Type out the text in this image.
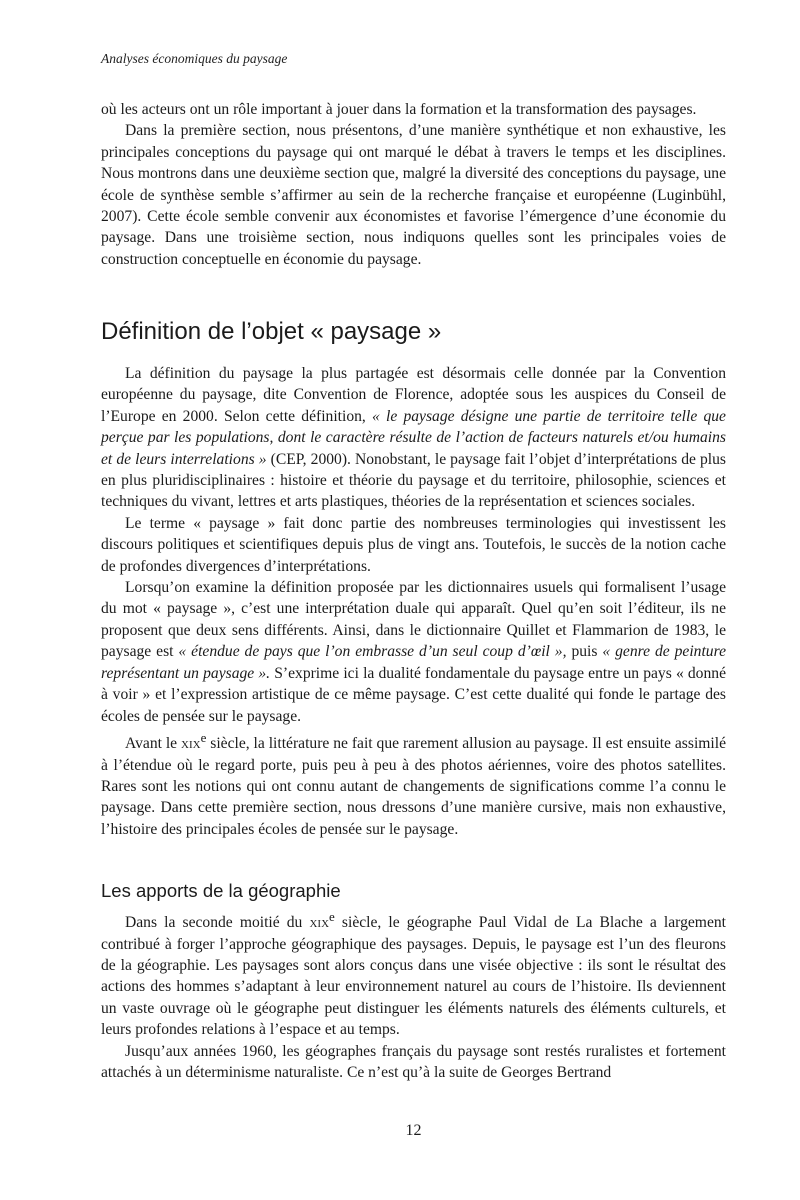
Analyses économiques du paysage

où les acteurs ont un rôle important à jouer dans la formation et la transformation des paysages.

Dans la première section, nous présentons, d’une manière synthétique et non exhaustive, les principales conceptions du paysage qui ont marqué le débat à travers le temps et les disciplines. Nous montrons dans une deuxième section que, malgré la diversité des conceptions du paysage, une école de synthèse semble s’affirmer au sein de la recherche française et européenne (Luginbühl, 2007). Cette école semble convenir aux économistes et favorise l’émergence d’une économie du paysage. Dans une troisième section, nous indiquons quelles sont les principales voies de construction conceptuelle en économie du paysage.

Définition de l’objet « paysage »

La définition du paysage la plus partagée est désormais celle donnée par la Convention européenne du paysage, dite Convention de Florence, adoptée sous les auspices du Conseil de l’Europe en 2000. Selon cette définition, « le paysage désigne une partie de territoire telle que perçue par les populations, dont le caractère résulte de l’action de facteurs naturels et/ou humains et de leurs interrelations » (CEP, 2000). Nonobstant, le paysage fait l’objet d’interprétations de plus en plus pluridisciplinaires : histoire et théorie du paysage et du territoire, philosophie, sciences et techniques du vivant, lettres et arts plastiques, théories de la représentation et sciences sociales.

Le terme « paysage » fait donc partie des nombreuses terminologies qui investissent les discours politiques et scientifiques depuis plus de vingt ans. Toutefois, le succès de la notion cache de profondes divergences d’interprétations.

Lorsqu’on examine la définition proposée par les dictionnaires usuels qui formalisent l’usage du mot « paysage », c’est une interprétation duale qui apparaît. Quel qu’en soit l’éditeur, ils ne proposent que deux sens différents. Ainsi, dans le dictionnaire Quillet et Flammarion de 1983, le paysage est « étendue de pays que l’on embrasse d’un seul coup d’œil », puis « genre de peinture représentant un paysage ». S’exprime ici la dualité fondamentale du paysage entre un pays « donné à voir » et l’expression artistique de ce même paysage. C’est cette dualité qui fonde le partage des écoles de pensée sur le paysage.

Avant le xix$^e$ siècle, la littérature ne fait que rarement allusion au paysage. Il est ensuite assimilé à l’étendue où le regard porte, puis peu à peu à des photos aériennes, voire des photos satellites. Rares sont les notions qui ont connu autant de changements de significations comme l’a connu le paysage. Dans cette première section, nous dressons d’une manière cursive, mais non exhaustive, l’histoire des principales écoles de pensée sur le paysage.

Les apports de la géographie

Dans la seconde moitié du xix$^e$ siècle, le géographe Paul Vidal de La Blache a largement contribué à forger l’approche géographique des paysages. Depuis, le paysage est l’un des fleurons de la géographie. Les paysages sont alors conçus dans une visée objective : ils sont le résultat des actions des hommes s’adaptant à leur environnement naturel au cours de l’histoire. Ils deviennent un vaste ouvrage où le géographe peut distinguer les éléments naturels des éléments culturels, et leurs profondes relations à l’espace et au temps.

Jusqu’aux années 1960, les géographes français du paysage sont restés ruralistes et fortement attachés à un déterminisme naturaliste. Ce n’est qu’à la suite de Georges Bertrand

12
